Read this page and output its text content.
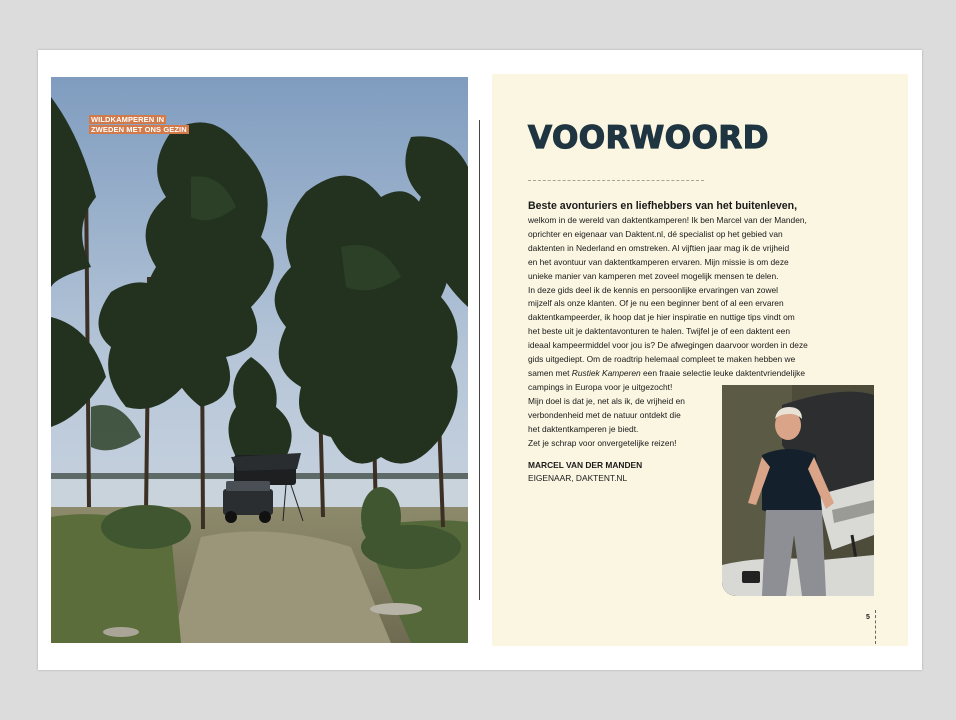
WILDKAMPEREN IN
ZWEDEN MET ONS GEZIN	VOORWOORD
Beste avonturiers en liefhebbers van het buitenleven,

welkom in de wereld van daktentkamperen! Ik ben Marcel van der Manden,

oprichter en eigenaar van Daktent.nl, dé specialist op het gebied van

daktenten in Nederland en omstreken. Al vijftien jaar mag ik de vrijheid

en het avontuur van daktentkamperen ervaren. Mijn missie is om deze

unieke manier van kamperen met zoveel mogelijk mensen te delen.

In deze gids deel ik de kennis en persoonlijke ervaringen van zowel

mijzelf als onze klanten. Of je nu een beginner bent of al een ervaren

daktentkampeerder, ik hoop dat je hier inspiratie en nuttige tips vindt om

het beste uit je daktentavonturen te halen. Twijfel je of een daktent een

ideaal kampeermiddel voor jou is? De afwegingen daarvoor worden in deze

gids uitgediept. Om de roadtrip helemaal compleet te maken hebben we

samen met Rustiek Kamperen een fraaie selectie leuke daktentvriendelijke

campings in Europa voor je uitgezocht!

Mijn doel is dat je, net als ik, de vrijheid en

verbondenheid met de natuur ontdekt die

het daktentkamperen je biedt.

Zet je schrap voor onvergetelijke reizen!

MARCEL VAN DER MANDEN
EIGENAAR, DAKTENT.NL
5
